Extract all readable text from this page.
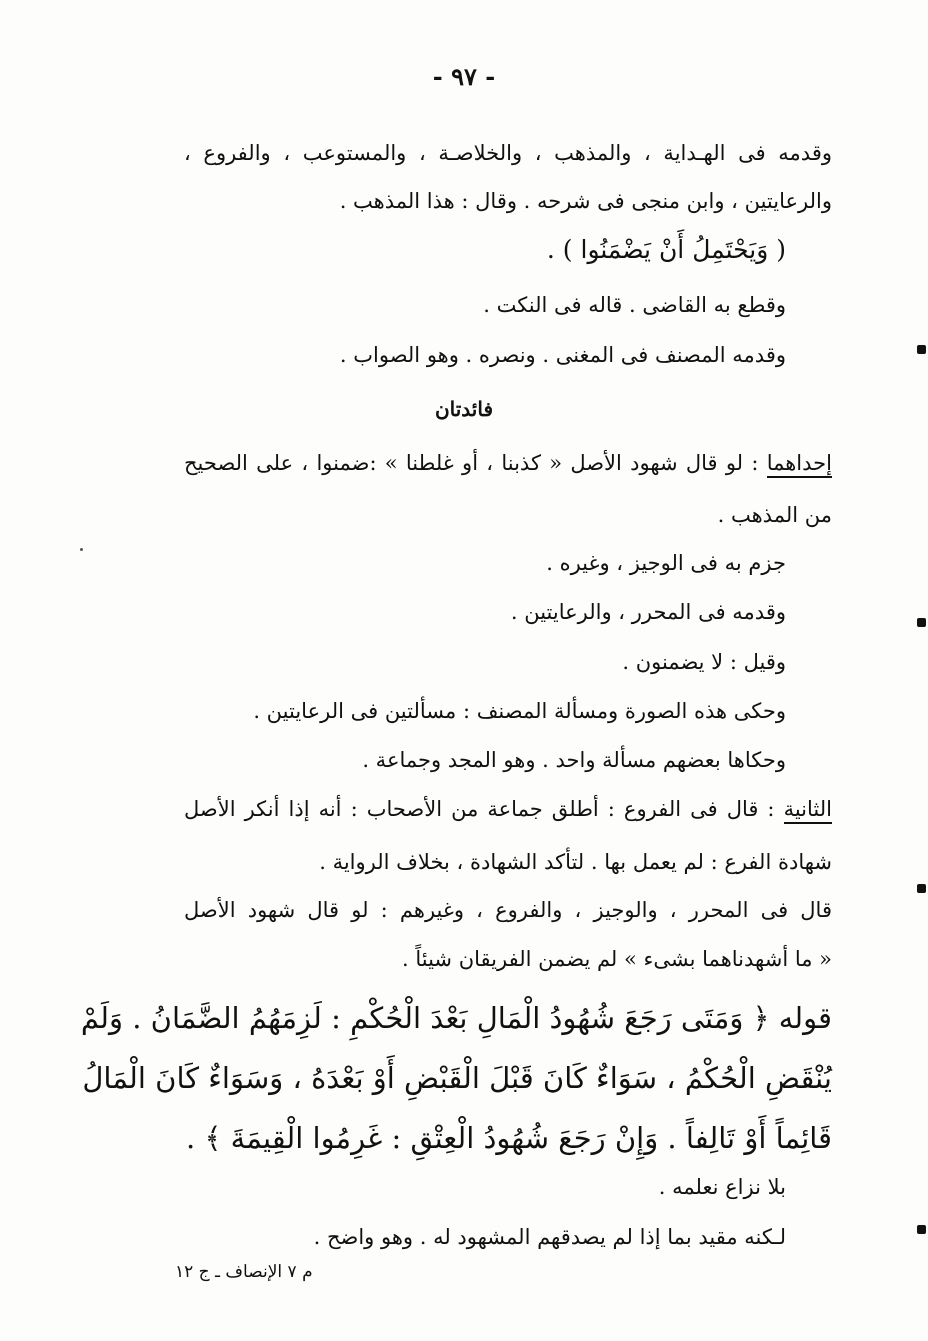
- ٩٧ -
وقدمه فى الهـداية ، والمذهب ، والخلاصـة ، والمستوعب ، والفروع ،
والرعايتين ، وابن منجى فى شرحه . وقال : هذا المذهب .
( وَيَحْتَمِلُ أَنْ يَضْمَنُوا ) .
وقطع به القاضى . قاله فى النكت .
وقدمه المصنف فى المغنى . ونصره . وهو الصواب .
فائدتان
إحداهما : لو قال شهود الأصل « كذبنا ، أو غلطنا » :ضمنوا ، على الصحيح
من المذهب .
جزم به فى الوجيز ، وغيره .
وقدمه فى المحرر ، والرعايتين .
وقيل : لا يضمنون .
وحكى هذه الصورة ومسألة المصنف : مسألتين فى الرعايتين .
وحكاها بعضهم مسألة واحد . وهو المجد وجماعة .
الثانية : قال فى الفروع : أطلق جماعة من الأصحاب : أنه إذا أنكر الأصل
شهادة الفرع : لم يعمل بها . لتأكد الشهادة ، بخلاف الرواية .
قال فى المحرر ، والوجيز ، والفروع ، وغيرهم : لو قال شهود الأصل
« ما أشهدناهما بشىء » لم يضمن الفريقان شيئاً .
قوله ﴿ وَمَتَى رَجَعَ شُهُودُ الْمَالِ بَعْدَ الْحُكْمِ : لَزِمَهُمُ الضَّمَانُ . وَلَمْ
يُنْقَضِ الْحُكْمُ ، سَوَاءٌ كَانَ قَبْلَ الْقَبْضِ أَوْ بَعْدَهُ ، وَسَوَاءٌ كَانَ الْمَالُ
قَائِماً أَوْ تَالِفاً . وَإِنْ رَجَعَ شُهُودُ الْعِتْقِ : غَرِمُوا الْقِيمَةَ ﴾ .
بلا نزاع نعلمه .
لـكنه مقيد بما إذا لم يصدقهم المشهود له . وهو واضح .
م ٧ الإنصاف ـ ج ١٢
